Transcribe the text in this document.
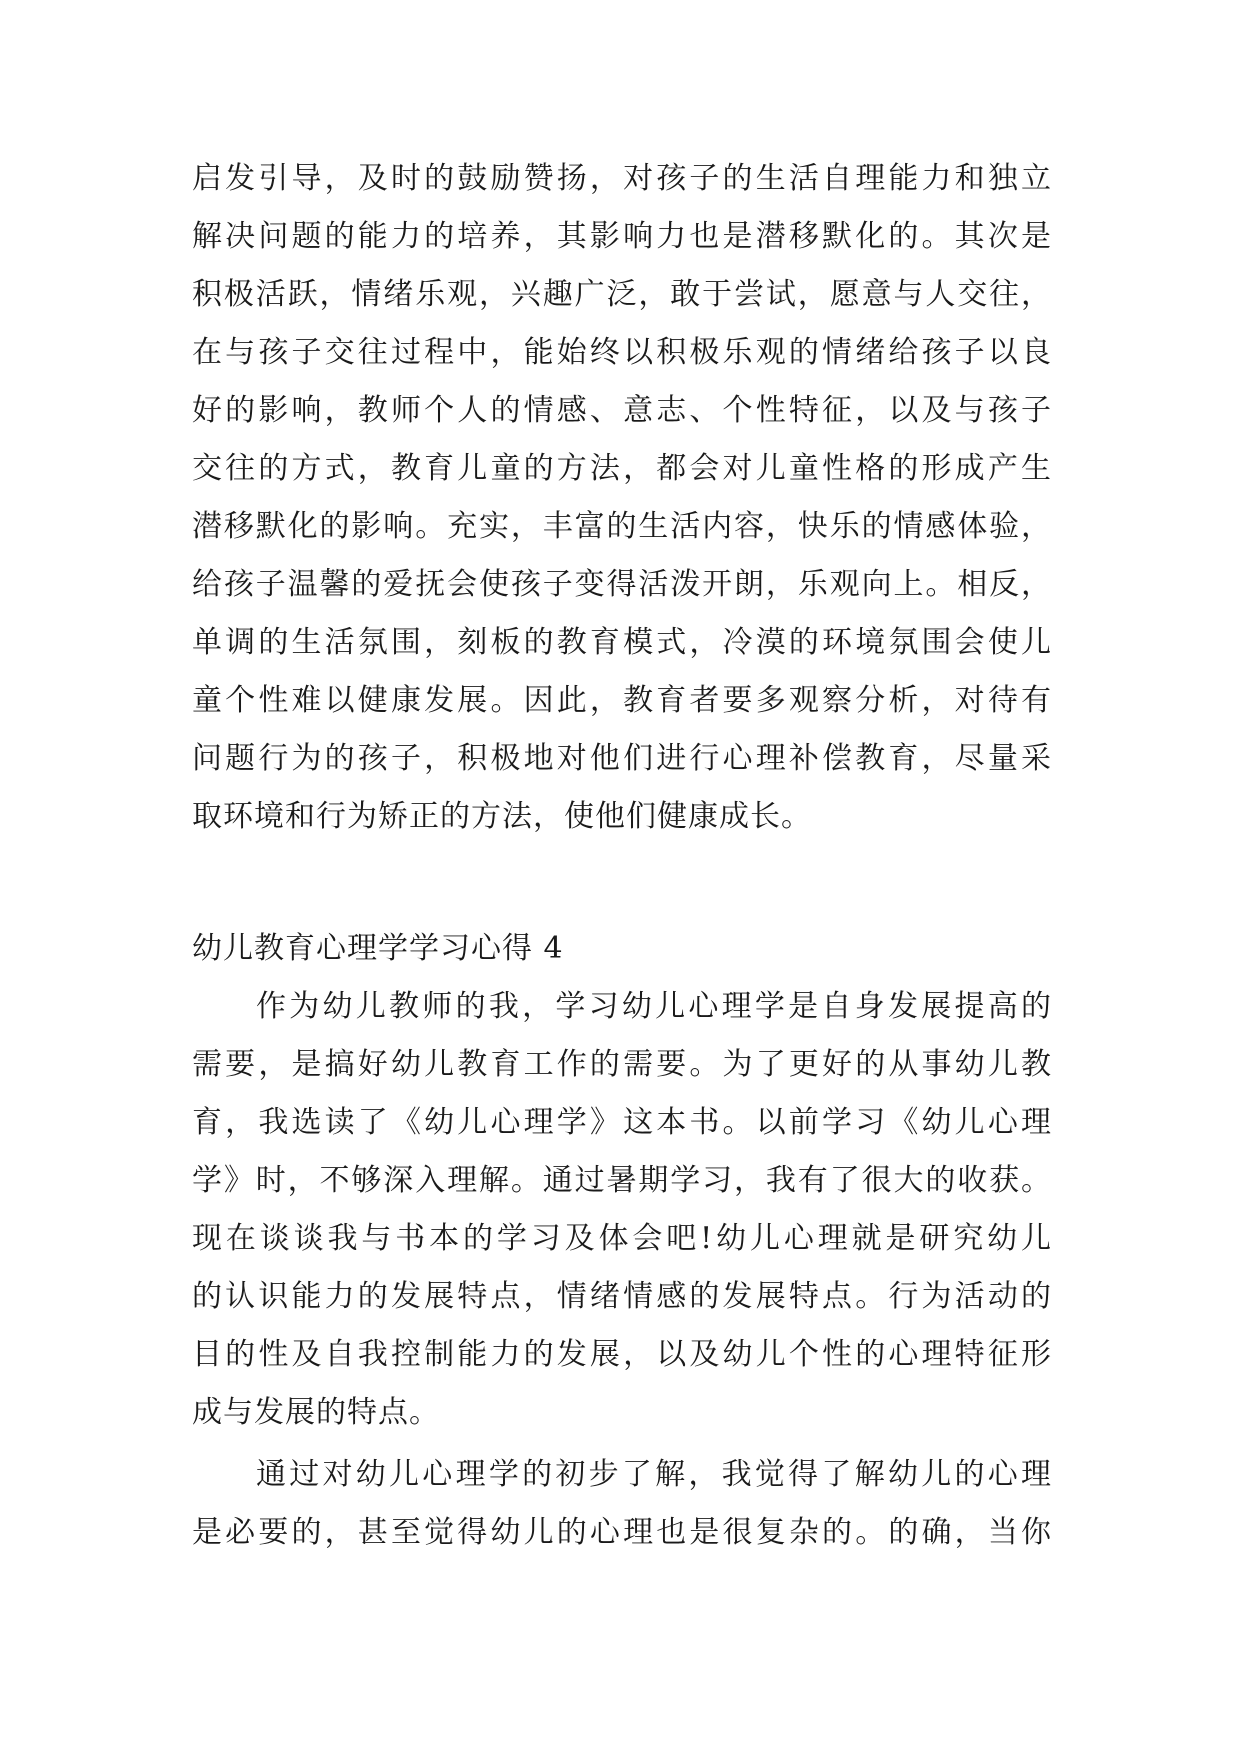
启发引导，及时的鼓励赞扬，对孩子的生活自理能力和独立
解决问题的能力的培养，其影响力也是潜移默化的。其次是
积极活跃，情绪乐观，兴趣广泛，敢于尝试，愿意与人交往，
在与孩子交往过程中，能始终以积极乐观的情绪给孩子以良
好的影响，教师个人的情感、意志、个性特征，以及与孩子
交往的方式，教育儿童的方法，都会对儿童性格的形成产生
潜移默化的影响。充实，丰富的生活内容，快乐的情感体验，
给孩子温馨的爱抚会使孩子变得活泼开朗，乐观向上。相反，
单调的生活氛围，刻板的教育模式，冷漠的环境氛围会使儿
童个性难以健康发展。因此，教育者要多观察分析，对待有
问题行为的孩子，积极地对他们进行心理补偿教育，尽量采
取环境和行为矫正的方法，使他们健康成长。
幼儿教育心理学学习心得 4
作为幼儿教师的我，学习幼儿心理学是自身发展提高的
需要，是搞好幼儿教育工作的需要。为了更好的从事幼儿教
育，我选读了《幼儿心理学》这本书。以前学习《幼儿心理
学》时，不够深入理解。通过暑期学习，我有了很大的收获。
现在谈谈我与书本的学习及体会吧!幼儿心理就是研究幼儿
的认识能力的发展特点，情绪情感的发展特点。行为活动的
目的性及自我控制能力的发展，以及幼儿个性的心理特征形
成与发展的特点。
通过对幼儿心理学的初步了解，我觉得了解幼儿的心理
是必要的，甚至觉得幼儿的心理也是很复杂的。的确，当你
